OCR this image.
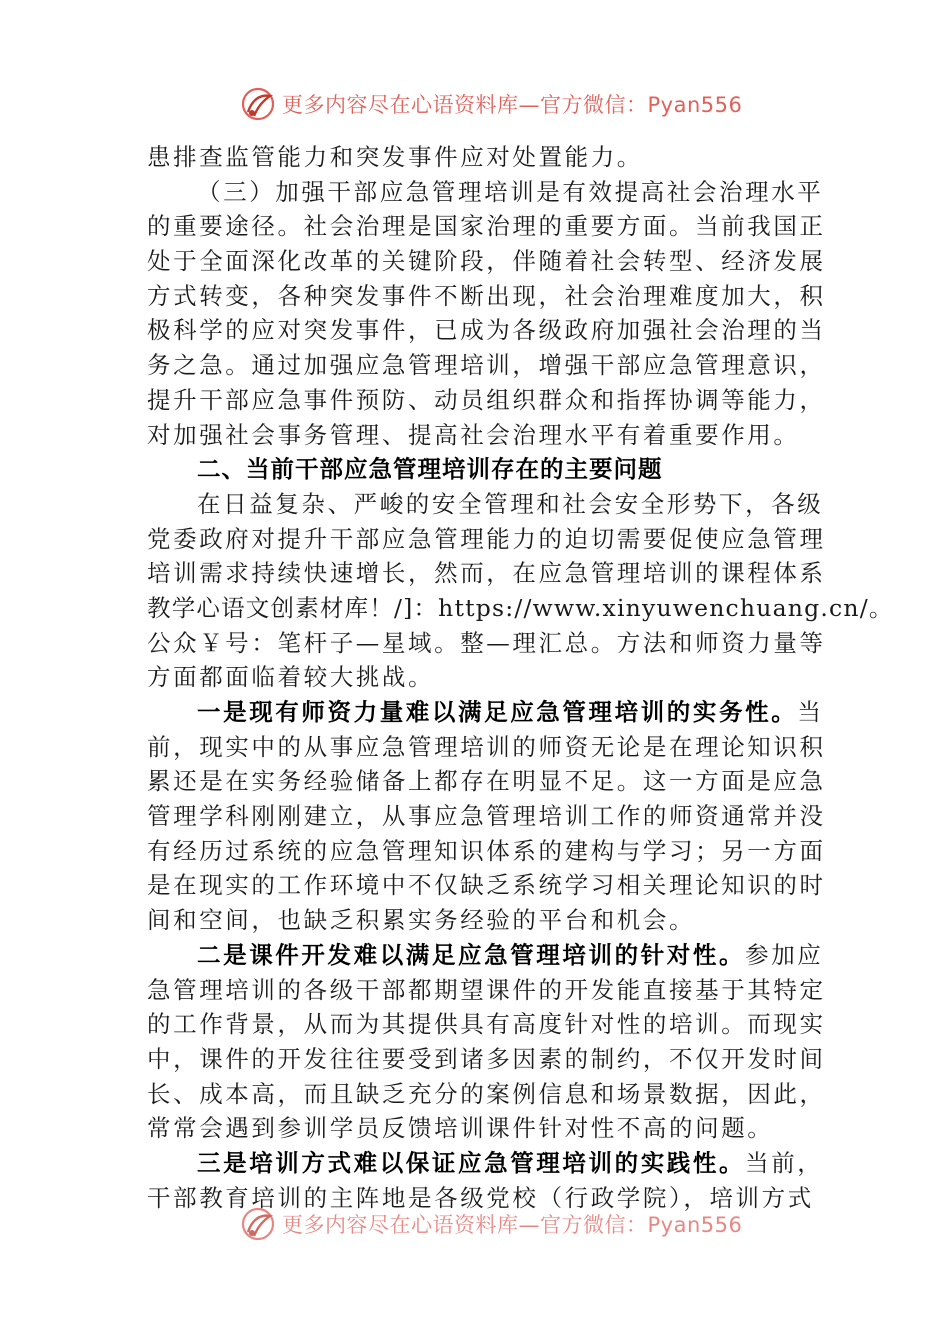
更多内容尽在心语资料库—官方微信：Pyan556
患排查监管能力和突发事件应对处置能力。
（三）加强干部应急管理培训是有效提高社会治理水平
的重要途径。社会治理是国家治理的重要方面。当前我国正
处于全面深化改革的关键阶段，伴随着社会转型、经济发展
方式转变，各种突发事件不断出现，社会治理难度加大，积
极科学的应对突发事件，已成为各级政府加强社会治理的当
务之急。通过加强应急管理培训，增强干部应急管理意识，
提升干部应急事件预防、动员组织群众和指挥协调等能力，
对加强社会事务管理、提高社会治理水平有着重要作用。
二、当前干部应急管理培训存在的主要问题
在日益复杂、严峻的安全管理和社会安全形势下，各级
党委政府对提升干部应急管理能力的迫切需要促使应急管理
培训需求持续快速增长，然而，在应急管理培训的课程体系
教学心语文创素材库！/]：https://www.xinyuwenchuang.cn/。
公众￥号：笔杆子—星域。整—理汇总。方法和师资力量等
方面都面临着较大挑战。
一是现有师资力量难以满足应急管理培训的实务性。当
前，现实中的从事应急管理培训的师资无论是在理论知识积
累还是在实务经验储备上都存在明显不足。这一方面是应急
管理学科刚刚建立，从事应急管理培训工作的师资通常并没
有经历过系统的应急管理知识体系的建构与学习；另一方面
是在现实的工作环境中不仅缺乏系统学习相关理论知识的时
间和空间，也缺乏积累实务经验的平台和机会。
二是课件开发难以满足应急管理培训的针对性。参加应
急管理培训的各级干部都期望课件的开发能直接基于其特定
的工作背景，从而为其提供具有高度针对性的培训。而现实
中，课件的开发往往要受到诸多因素的制约，不仅开发时间
长、成本高，而且缺乏充分的案例信息和场景数据，因此，
常常会遇到参训学员反馈培训课件针对性不高的问题。
三是培训方式难以保证应急管理培训的实践性。当前，
干部教育培训的主阵地是各级党校（行政学院），培训方式
更多内容尽在心语资料库—官方微信：Pyan556
